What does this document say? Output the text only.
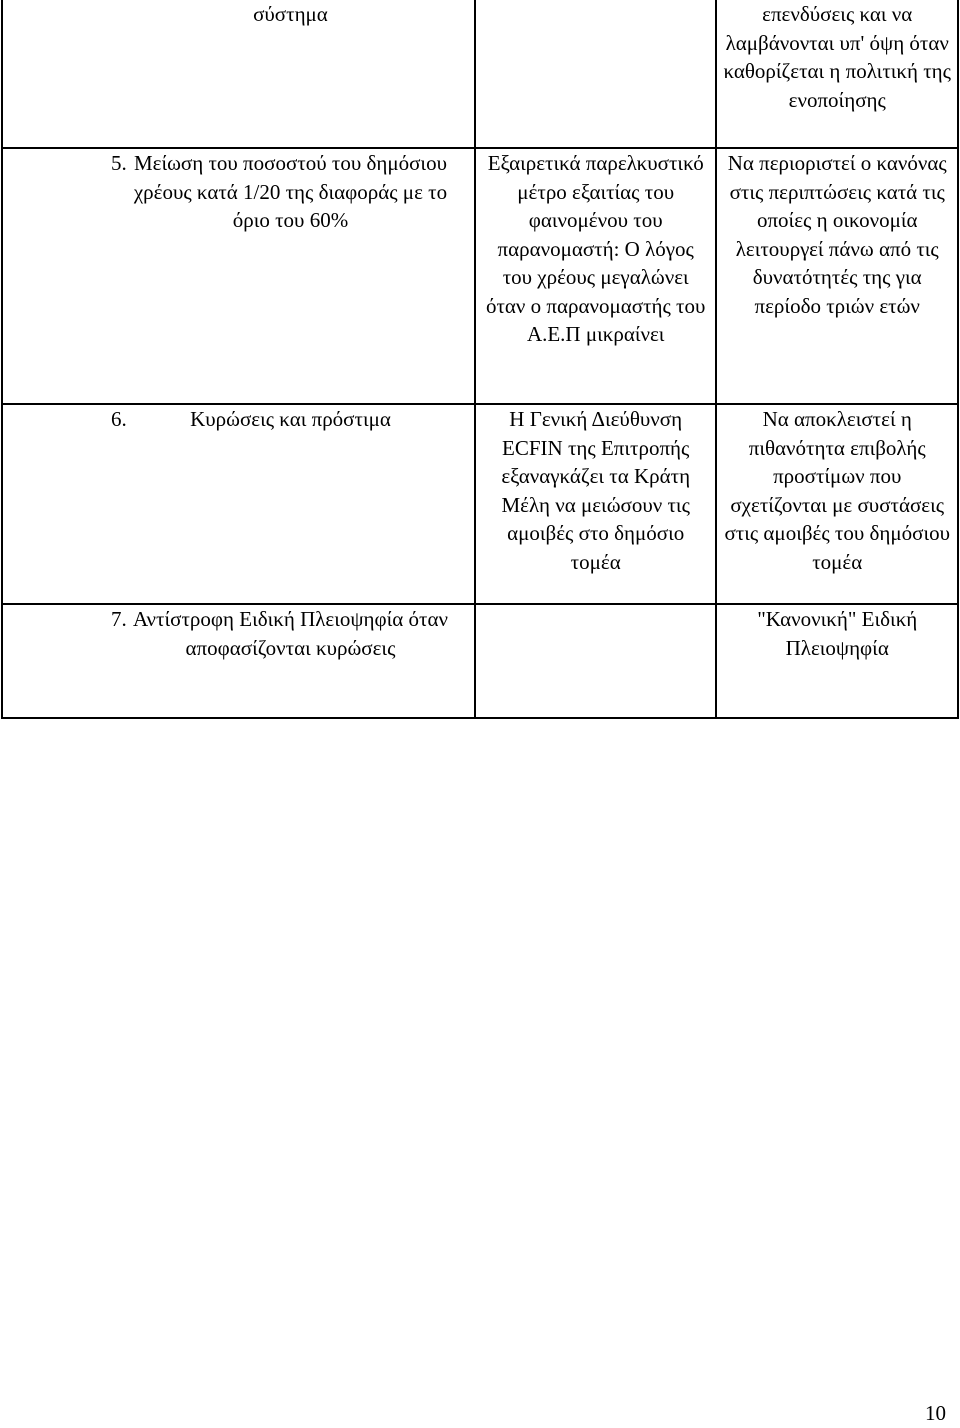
σύστημα		επενδύσεις και να λαμβάνονται υπ' όψη όταν καθορίζεται η πολιτική της ενοποίησης

5. Μείωση του ποσοστού του δημόσιου χρέους κατά 1/20 της διαφοράς με το όριο του 60%	Εξαιρετικά παρελκυστικό μέτρο εξαιτίας του φαινομένου του παρανομαστή: Ο λόγος του χρέους μεγαλώνει όταν ο παρανομαστής του Α.Ε.Π μικραίνει	Να περιοριστεί ο κανόνας στις περιπτώσεις κατά τις οποίες η οικονομία λειτουργεί πάνω από τις δυνατότητές της για περίοδο τριών ετών

6. Κυρώσεις και πρόστιμα	Η Γενική Διεύθυνση ECFIN της Επιτροπής εξαναγκάζει τα Κράτη Μέλη να μειώσουν τις αμοιβές στο δημόσιο τομέα	Να αποκλειστεί η πιθανότητα επιβολής προστίμων που σχετίζονται με συστάσεις στις αμοιβές του δημόσιου τομέα

7. Αντίστροφη Ειδική Πλειοψηφία όταν αποφασίζονται κυρώσεις		"Κανονική" Ειδική Πλειοψηφία
10
